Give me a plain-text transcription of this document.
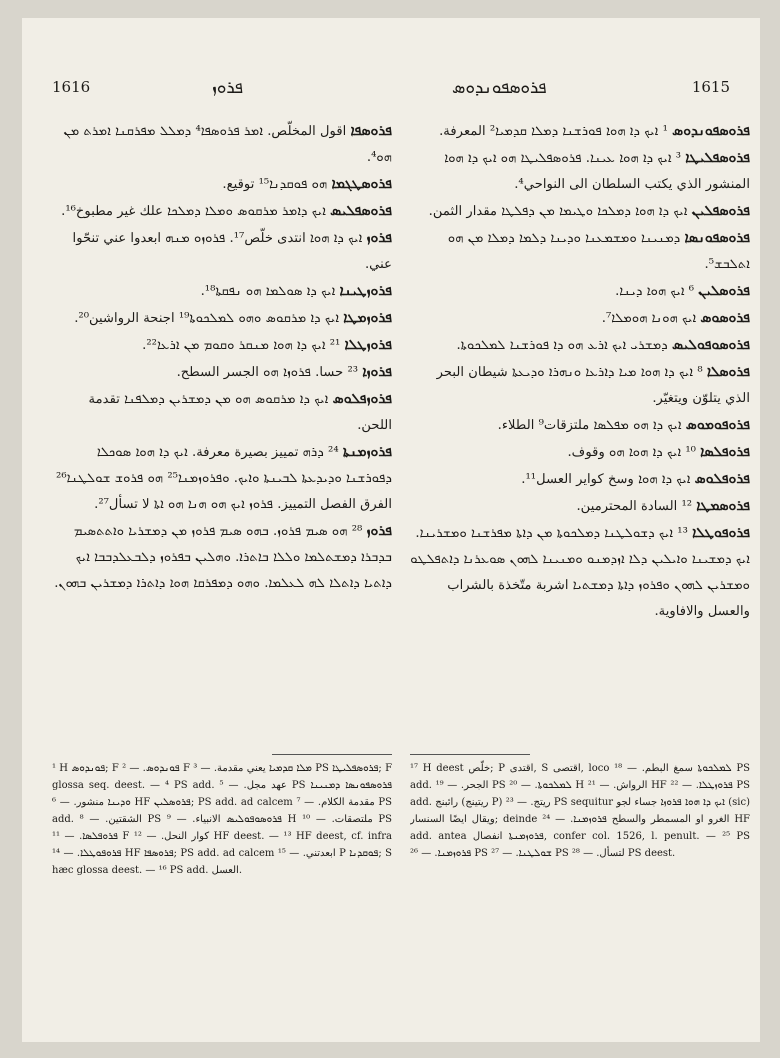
1616	ܦܪܘܙ	ܦܪܘܣܦܘܢܕܘܣ	1615

ܦܪܘܣܦܐ اقول المخلّص. ܐܡܪ ܦܪܘܣܦܐ⁴ ܕܡܠܠ ܡܦܪܩܢܐ ܐܡܪܬ ܡܢ ܗܘ⁴.

ܦܪܘܣܛܓܡܐ ܗܘ ܦܘܩܕܢܐ¹⁵ توقيع.

ܦܪܘܣܦܠܝܣ ܐܝܟ ܕܐܡܪ ܡܪܩܘܣ ܘܡܠܐ ܕܡܠܟܐ علك غير مطبوخ¹⁶.

ܦܪܘܙ ܐܝܟ ܕܐ ܗܘܐ انتدى خلّص¹⁷. ܦܪܘܙܘ ܡܢܗ ابعدوا عني تنحّوا عني.

ܦܪܘܙܛܝܢܐ ܐܝܟ ܕܐ ܣܘܠܡܐ ܗܘ ܢܦܩܬܐ¹⁸.

ܦܪܘܙܡܛܐ ܐܝܟ ܕܐ ܡܪܩܘܣ ܘܗܘ ܠܡܠܟܘܬܐ¹⁹ اجنحة الرواشين²⁰.

ܦܪܘܙܛܠܐ ²¹ ܐܝܟ ܕܐ ܗܘܐ ܡܢܩܪ ܘܩܘܡ ܡܢ ܐܪܥܐ²².

ܦܪܘܙܐ ²³ حسا. ܦܪܘܙܐ ܗܘ الجسر السطح.

ܦܪܘܙܦܠܘܣ ܐܝܟ ܕܐ ܡܪܩܘܣ ܗܘ ܡܢ ܕܡܫܪܝܢ ܕܡܠܦܢܐ تقدمة اللحن.

ܦܪܘܙܡܢܬܐ ²⁴ ܕܪܗ تمييز بصيرة معرفة. ܐܝܟ ܕܐ ܗܘܐ ܣܘܟܠܐ ܕܦܘܪܫܢܐ ܘܕܝܕܥܬܐ ܠܒܝܢܬܐ ܘܐܝܟ. ܘܦܪܘܙܡܢܐ²⁵ ܗܘ ܦܪܘܫ ܫܘܠܛܢܐ²⁶ الفرق الفصل التمييز. ܦܪܘܙ ܐܝܟ ܗܘ ܗܢܐ ܗܘ ܐܬܐ لا تسأل²⁷.

ܦܪܘܙ ²⁸ ܗܘ ܣܝܡ ܦܪܘܙ. ܒܗܘ ܣܝܡ ܦܪܘܙ ܡܢ ܕܡܫܪܝܐ ܘܐܬܬܣܝܡ ܒܕܒܪܐ ܕܡܫܬܠܡܐ ܘܠܠܐ ܒܐܬܪܐ. ܘܗܠܝܢ ܒܦܪܘܙ ܕܠܒܥܠܕܒܒܐ ܐܝܟ ܕܐܬܝܐ ܕܐܬܠܐ ܠܗ ܠܥܠܡܐ. ܘܗܘ ܕܡܦܪܩܐ ܗܘܐ ܕܐܬܪܐ ܕܡܫܪܝܢ ܒܗܘܢ.

ܦܪܘܣܦܘܢܕܘܣ ¹ ܐܝܟ ܕܐ ܗܘܐ ܦܘܪܫܢܐ ܕܡܠܐ ܩܕܡܝܐ² المعرفة.

ܦܪܘܣܦܠܝܛܐ ³ ܐܝܟ ܕܐ ܗܘܐ ܥܝܢܐ. ܦܪܘܣܦܠܝܛܐ ܗܘ ܐܝܟ ܕܐ ܗܘܐ المنشور الذي يكتب السلطان الى النواحي⁴.

ܦܪܘܣܦܠܝܢ ܐܝܟ ܕܐ ܗܘܐ ܕܡܠܟܐ ܘܛܝܡܐ ܡܢ ܕܦܠܛܐ مقدار الثمن.

ܦܪܘܣܦܘܢܣܐ ܕܡܢܝܢܐ ܘܡܫܡܥܢܐ ܘܕܝܢܐ ܕܠܡܐ ܕܡܠܐ ܡܢ ܗܘ ܐܬܠܒܫ⁵.

ܦܪܘܣܠܝܢ ⁶ ܐܝܟ ܗܘܐ ܕܝܢܐ.

ܦܪܘܣܘܣ ܐܝܟ ܗܘܢܐ ܗܘܡܠܐ⁷.

ܦܪܘܣܘܦܘܠܝܣ ܕܡܫܪܝ ܐܝܟ ܐܪܥ ܗܘ ܕܐ ܦܘܪܫܢܐ ܠܡܠܟܘܬܐ.

ܦܪܘܣܠܐ ⁸ ܐܝܟ ܕܐ ܗܘܐ ܡܝܐ ܕܐܪܥܐ ܘܢܗܪܐ ܘܕܝܥܬܐ شيطان البحر الذي يتلوّن ويتغيّر.

ܦܪܘܦܘܡܘܣ ܐܝܟ ܕܐ ܗܘ ܡܦܠܣܐ ملتزقات⁹ الطلاء.

ܦܪܘܦܠܣܐ ¹⁰ ܐܝܟ ܕܐ ܗܘܐ ܗܘ وقوف.

ܦܪܘܦܠܘܣ ܐܝܟ ܕܐ ܗܘܐ وسخ كواير العسل¹¹.

ܦܪܘܣܡܛܐ ¹² السادة المحترمين.

ܦܪܘܦܘܛܠܐ ¹³ ܐܝܟ ܕܫܘܠܛܢܐ ܕܡܠܟܘܬܐ ܡܢ ܕܐܬܐ ܡܦܪܫܢܐ ܘܡܫܪܝܢܐ. ܐܝܟ ܕܡܫܝܢܐ ܘܐܝܠܝܢ ܕܠܐ ܐܙܕܡܢܘ ܘܡܢܝܢܐ ܠܗܘܢ ܣܘܥܪܢܐ ܕܐܬܦܠܛܘ ܘܡܫܪܝܢ ܠܗܘܢ ܘܦܪܘܙ ܕܐܬܐ ܕܡܫܬܝܐ اشربة متّخذة بالشراب والعسل والافاوية.

¹ H ܦܘܢܕܘܣ; F ܦܘܢܕܘܣ. — ² F ܡܠܐ ܩܕܡܝܐ يعني مقدمة. — ³ PS ܦܪܘܣܦܠܝܛܐ; F glossa seq. deest. — ⁴ PS add. عهد مجل. — ⁵ PS ܦܪܘܣܦܘܢܣܐ ܕܡܢܝܢܐ ܘܕܝܢܐ منشور. — ⁶ HF ܦܪܘܣܠܝܢ; PS add. ad calcem مقدمة الكلام. — ⁷ PS add. الشقتين. — ⁸ PS ܦܪܘܣܘܦܘܠܝܣ الانبياء. — ⁹ H ملتصقات. — ¹⁰ PS ܦܪܘܦܠܣܐ. — ¹¹ F كوار النحل. — ¹² HF deest. — ¹³ HF deest, cf. infra ܦܪܘܦܘܛܠܐ. — ¹⁴ HF ܦܪܘܣܦܐ; PS add. ad calcem ابعدتني. — ¹⁵ P ܦܘܩܕܢܐ; S hæc glossa deest. — ¹⁶ PS add. العسل.

¹⁷ H deest خلّص; P اقتدى, S اقتصى, loco ܠܡܠܟܘܬܐ سمغ البطم. — ¹⁸ PS add. الجحر. — ¹⁹ PS ܠܡܠܟܘܬܐ. — ²⁰ H الرواش. — ²¹ HF ܦܪܘܙܛܠܐ. — ²² PS add. رائبنج (ريتينج P) ريتج. — ²³ PS sequitur ܐܝܟ ܕܐ ܗܘܐ ܦܪܘܙܐ جساء لجو (sic) ويقال ايضًا السنسار; deinde الغرو او المسمطر والسطح ܦܪܘܙܡܢܐ. — ²⁴ HF add. antea ܦܪܘܙܡܢܬܐ انفصال, confer col. 1526, l. penult. — ²⁵ PS ܦܪܘܙܡܢܐ. — ²⁶ PS ܫܘܠܛܢܐ. — ²⁷ PS لتسأل. — ²⁸ PS deest.
